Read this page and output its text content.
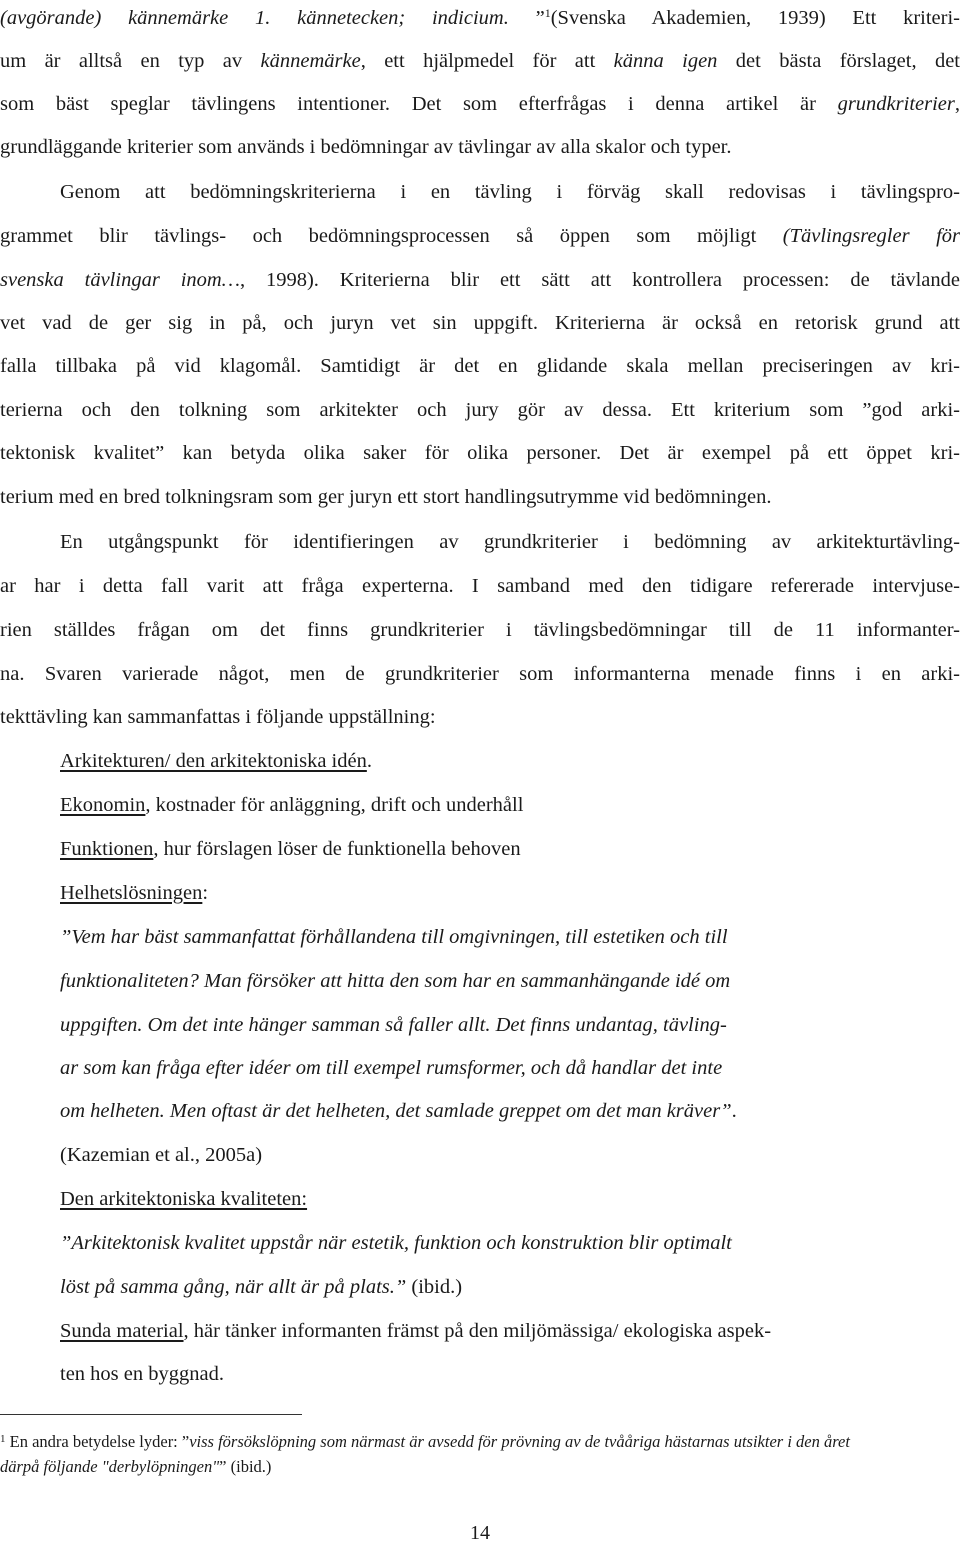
(avgörande) kännemärke 1. kännetecken; indicium. ”$^1$(Svenska Akademien, 1939) Ett kriteri-
um är alltså en typ av kännemärke, ett hjälpmedel för att känna igen det bästa förslaget, det
som bäst speglar tävlingens intentioner. Det som efterfrågas i denna artikel är grundkriterier,
grundläggande kriterier som används i bedömningar av tävlingar av alla skalor och typer.
Genom att bedömningskriterierna i en tävling i förväg skall redovisas i tävlingspro-
grammet blir tävlings- och bedömningsprocessen så öppen som möjligt (Tävlingsregler för
svenska tävlingar inom…, 1998). Kriterierna blir ett sätt att kontrollera processen: de tävlande
vet vad de ger sig in på, och juryn vet sin uppgift. Kriterierna är också en retorisk grund att
falla tillbaka på vid klagomål. Samtidigt är det en glidande skala mellan preciseringen av kri-
terierna och den tolkning som arkitekter och jury gör av dessa. Ett kriterium som ”god arki-
tektonisk kvalitet” kan betyda olika saker för olika personer. Det är exempel på ett öppet kri-
terium med en bred tolkningsram som ger juryn ett stort handlingsutrymme vid bedömningen.
En utgångspunkt för identifieringen av grundkriterier i bedömning av arkitekturtävling-
ar har i detta fall varit att fråga experterna. I samband med den tidigare refererade intervjuse-
rien ställdes frågan om det finns grundkriterier i tävlingsbedömningar till de 11 informanter-
na. Svaren varierade något, men de grundkriterier som informanterna menade finns i en arki-
tekttävling kan sammanfattas i följande uppställning:
Arkitekturen/ den arkitektoniska idén.
Ekonomin, kostnader för anläggning, drift och underhåll
Funktionen, hur förslagen löser de funktionella behoven
Helhetslösningen:
”Vem har bäst sammanfattat förhållandena till omgivningen, till estetiken och till
funktionaliteten? Man försöker att hitta den som har en sammanhängande idé om
uppgiften. Om det inte hänger samman så faller allt. Det finns undantag, tävling-
ar som kan fråga efter idéer om till exempel rumsformer, och då handlar det inte
om helheten. Men oftast är det helheten, det samlade greppet om det man kräver”.
(Kazemian et al., 2005a)
Den arkitektoniska kvaliteten:
”Arkitektonisk kvalitet uppstår när estetik, funktion och konstruktion blir optimalt
löst på samma gång, när allt är på plats.” (ibid.)
Sunda material, här tänker informanten främst på den miljömässiga/ ekologiska aspek-
ten hos en byggnad.
$^1$ En andra betydelse lyder: ”viss försökslöpning som närmast är avsedd för prövning av de tvååriga hästarnas utsikter i den året
därpå följande "derbylöpningen"” (ibid.)
14
